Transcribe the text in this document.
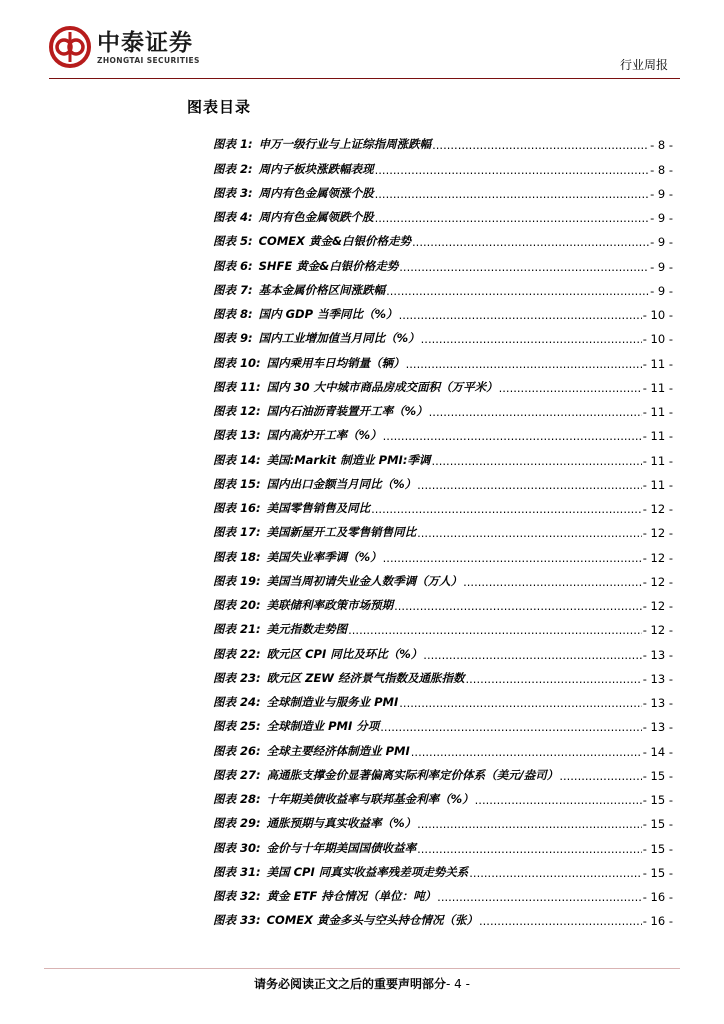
中泰证券
ZHONGTAI SECURITIES	行业周报
图表目录
图表 1: 申万一级行业与上证综指周涨跌幅 .....	- 8 -
图表 2: 周内子板块涨跌幅表现 .....	- 8 -
图表 3: 周内有色金属领涨个股 .....	- 9 -
图表 4: 周内有色金属领跌个股 .....	- 9 -
图表 5: COMEX 黄金&白银价格走势 .....	- 9 -
图表 6: SHFE 黄金&白银价格走势 .....	- 9 -
图表 7: 基本金属价格区间涨跌幅 .....	- 9 -
图表 8: 国内 GDP 当季同比（%） .....	- 10 -
图表 9: 国内工业增加值当月同比（%） .....	- 10 -
图表 10: 国内乘用车日均销量（辆） .....	- 11 -
图表 11: 国内 30 大中城市商品房成交面积（万平米） .....	- 11 -
图表 12: 国内石油沥青装置开工率（%） .....	- 11 -
图表 13: 国内高炉开工率（%） .....	- 11 -
图表 14: 美国:Markit 制造业 PMI:季调 .....	- 11 -
图表 15: 国内出口金额当月同比（%） .....	- 11 -
图表 16: 美国零售销售及同比 .....	- 12 -
图表 17: 美国新屋开工及零售销售同比 .....	- 12 -
图表 18: 美国失业率季调（%） .....	- 12 -
图表 19: 美国当周初请失业金人数季调（万人） .....	- 12 -
图表 20: 美联储利率政策市场预期 .....	- 12 -
图表 21: 美元指数走势图 .....	- 12 -
图表 22: 欧元区 CPI 同比及环比（%） .....	- 13 -
图表 23: 欧元区 ZEW 经济景气指数及通胀指数 .....	- 13 -
图表 24: 全球制造业与服务业 PMI .....	- 13 -
图表 25: 全球制造业 PMI 分项 .....	- 13 -
图表 26: 全球主要经济体制造业 PMI .....	- 14 -
图表 27: 高通胀支撑金价显著偏离实际利率定价体系（美元/盎司） .....	- 15 -
图表 28: 十年期美债收益率与联邦基金利率（%） .....	- 15 -
图表 29: 通胀预期与真实收益率（%） .....	- 15 -
图表 30: 金价与十年期美国国债收益率 .....	- 15 -
图表 31: 美国 CPI 同真实收益率残差项走势关系 .....	- 15 -
图表 32: 黄金 ETF 持仓情况（单位：吨） .....	- 16 -
图表 33: COMEX 黄金多头与空头持仓情况（张） .....	- 16 -
请务必阅读正文之后的重要声明部分- 4 -
